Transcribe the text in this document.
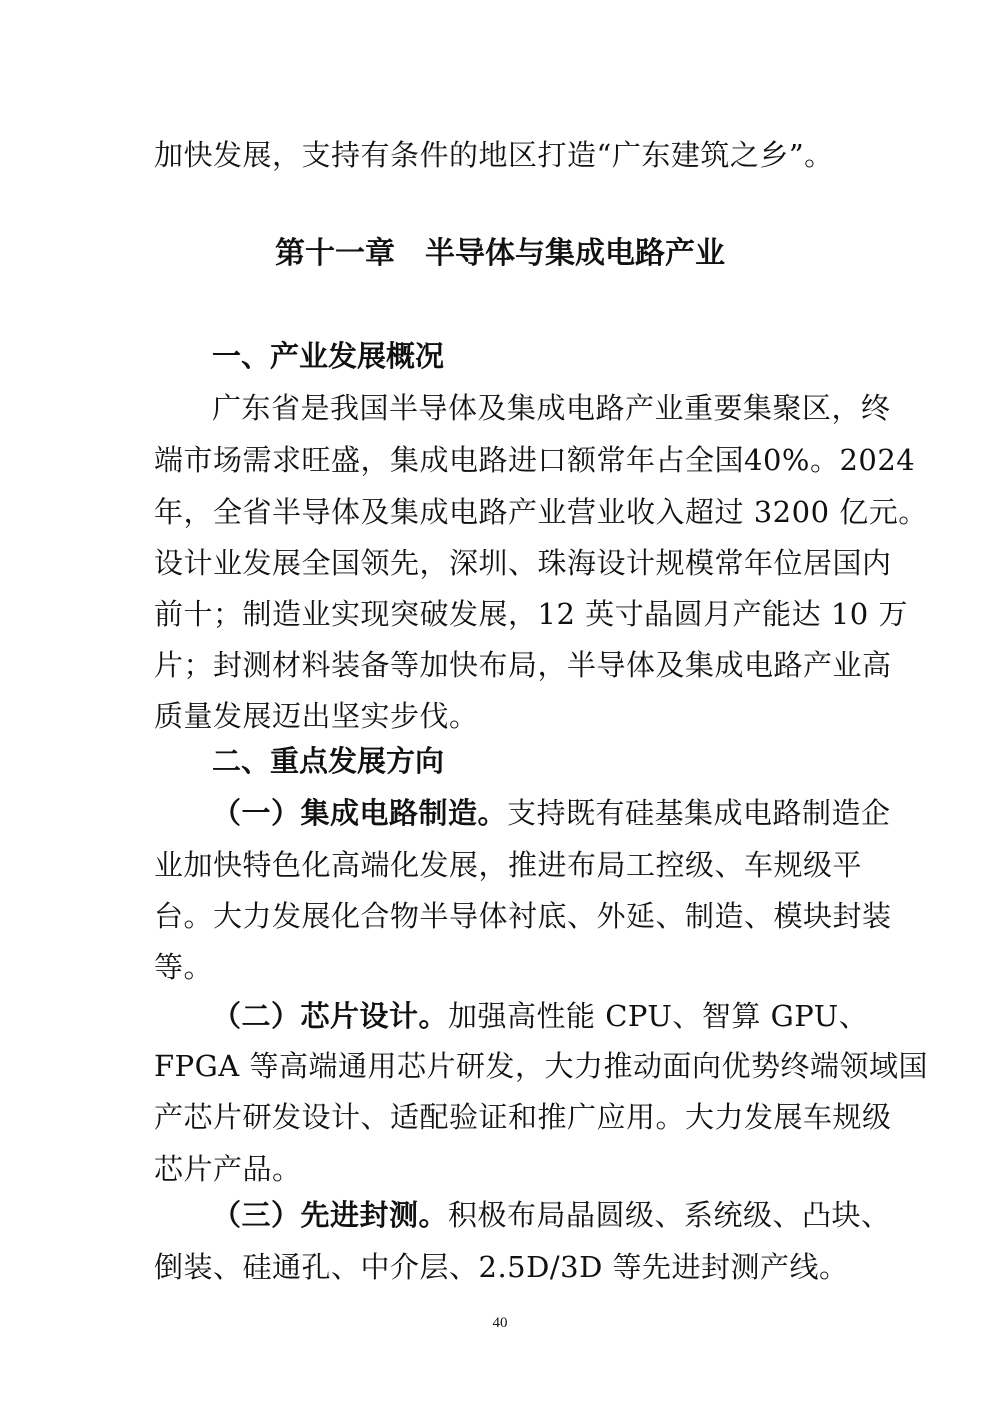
加快发展，支持有条件的地区打造“广东建筑之乡”。
第十一章　半导体与集成电路产业
一、产业发展概况
广东省是我国半导体及集成电路产业重要集聚区，终
端市场需求旺盛，集成电路进口额常年占全国40%。2024
年，全省半导体及集成电路产业营业收入超过 3200 亿元。
设计业发展全国领先，深圳、珠海设计规模常年位居国内
前十；制造业实现突破发展，12 英寸晶圆月产能达 10 万
片；封测材料装备等加快布局，半导体及集成电路产业高
质量发展迈出坚实步伐。
二、重点发展方向
（一）集成电路制造。支持既有硅基集成电路制造企
业加快特色化高端化发展，推进布局工控级、车规级平
台。大力发展化合物半导体衬底、外延、制造、模块封装
等。
（二）芯片设计。加强高性能 CPU、智算 GPU、
FPGA 等高端通用芯片研发，大力推动面向优势终端领域国
产芯片研发设计、适配验证和推广应用。大力发展车规级
芯片产品。
（三）先进封测。积极布局晶圆级、系统级、凸块、
倒装、硅通孔、中介层、2.5D/3D 等先进封测产线。
40
